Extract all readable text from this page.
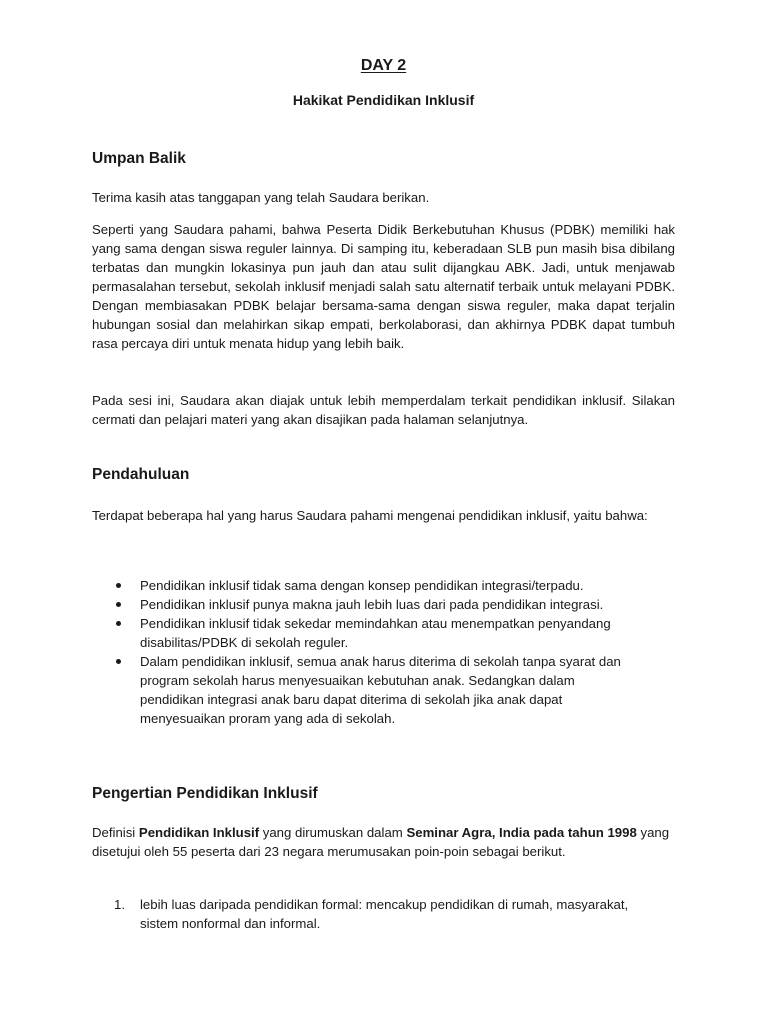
DAY 2
Hakikat Pendidikan Inklusif
Umpan Balik

Terima kasih atas tanggapan yang telah Saudara berikan.

Seperti yang Saudara pahami, bahwa Peserta Didik Berkebutuhan Khusus (PDBK) memiliki hak yang sama dengan siswa reguler lainnya. Di samping itu, keberadaan SLB pun masih bisa dibilang terbatas dan mungkin lokasinya pun jauh dan atau sulit dijangkau ABK. Jadi, untuk menjawab permasalahan tersebut, sekolah inklusif menjadi salah satu alternatif terbaik untuk melayani PDBK. Dengan membiasakan PDBK belajar bersama-sama dengan siswa reguler, maka dapat terjalin hubungan sosial dan melahirkan sikap empati, berkolaborasi, dan akhirnya PDBK dapat tumbuh rasa percaya diri untuk menata hidup yang lebih baik.

Pada sesi ini, Saudara akan diajak untuk lebih memperdalam terkait pendidikan inklusif. Silakan cermati dan pelajari materi yang akan disajikan pada halaman selanjutnya.

Pendahuluan

Terdapat beberapa hal yang harus Saudara pahami mengenai pendidikan inklusif, yaitu bahwa:

Pendidikan inklusif tidak sama dengan konsep pendidikan integrasi/terpadu.
Pendidikan inklusif punya makna jauh lebih luas dari pada pendidikan integrasi.
Pendidikan inklusif tidak sekedar memindahkan atau menempatkan penyandang disabilitas/PDBK di sekolah reguler.
Dalam pendidikan inklusif, semua anak harus diterima di sekolah tanpa syarat dan program sekolah harus menyesuaikan kebutuhan anak. Sedangkan dalam pendidikan integrasi anak baru dapat diterima di sekolah jika anak dapat menyesuaikan proram yang ada di sekolah.
Pengertian Pendidikan Inklusif

Definisi Pendidikan Inklusif yang dirumuskan dalam Seminar Agra, India pada tahun 1998 yang disetujui oleh 55 peserta dari 23 negara merumusakan poin-poin sebagai berikut.

1. lebih luas daripada pendidikan formal: mencakup pendidikan di rumah, masyarakat, sistem nonformal dan informal.
